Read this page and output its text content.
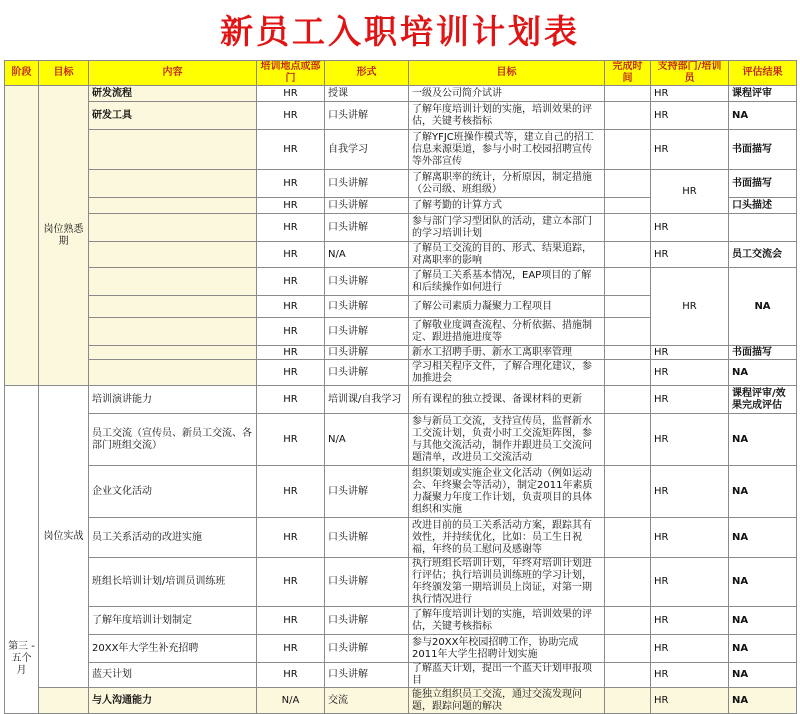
新员工入职培训计划表
阶段	目标	内容	培训地点或部门	形式	目标	完成时间	支持部门/培训员	评估结果
	岗位熟悉期	研发流程	HR	授课	一级及公司简介试讲		HR	课程评审
		研发工具	HR	口头讲解	了解年度培训计划的实施，培训效果的评估，关键考核指标		HR	NA
			HR	自我学习	了解YFJC班操作模式等，建立自己的招工信息来源渠道，参与小时工校园招聘宣传等外部宣传		HR	书面描写
			HR	口头讲解	了解离职率的统计，分析原因，制定措施（公司级、班组级）		HR	书面描写
			HR	口头讲解	了解考勤的计算方式			口头描述
			HR	口头讲解	参与部门学习型团队的活动，建立本部门的学习培训计划		HR	
			HR	N/A	了解员工交流的目的、形式、结果追踪，对离职率的影响		HR	员工交流会
			HR	口头讲解	了解员工关系基本情况，EAP项目的了解和后续操作如何进行		HR	NA
			HR	口头讲解	了解公司素质力凝聚力工程项目			
			HR	口头讲解	了解敬业度调查流程、分析依据、措施制定、跟进措施进度等			
			HR	口头讲解	新水工招聘手册、新水工离职率管理		HR	书面描写
			HR	口头讲解	学习相关程序文件，了解合理化建议，参加推进会		HR	NA
第三 - 五个月	岗位实战	培训演讲能力	HR	培训课/自我学习	所有课程的独立授课、备课材料的更新		HR	课程评审/效果完成评估
		员工交流（宣传员、新员工交流、各部门班组交流）	HR	N/A	参与新员工交流，支持宣传员，监督新水工交流计划，负责小时工交流矩阵图，参与其他交流活动，制作并跟进员工交流问题清单，改进员工交流活动		HR	NA
		企业文化活动	HR	口头讲解	组织策划或实施企业文化活动（例如运动会、年终聚会等活动），制定2011年素质力凝聚力年度工作计划，负责项目的具体组织和实施		HR	NA
		员工关系活动的改进实施	HR	口头讲解	改进目前的员工关系活动方案，跟踪其有效性，并持续优化，比如：员工生日祝福，年终的员工慰问及感谢等		HR	NA
		班组长培训计划/培训员训练班	HR	口头讲解	执行班组长培训计划，年终对培训计划进行评估；执行培训员训练班的学习计划，年终颁发第一期培训员上岗证，对第一期执行情况进行		HR	NA
		了解年度培训计划制定	HR	口头讲解	了解年度培训计划的实施，培训效果的评估，关键考核指标		HR	NA
		20XX年大学生补充招聘	HR	口头讲解	参与20XX年校园招聘工作，协助完成2011年大学生招聘计划实施		HR	NA
		蓝天计划	HR	口头讲解	了解蓝天计划，提出一个蓝天计划申报项目		HR	NA
		与人沟通能力	N/A	交流	能独立组织员工交流，通过交流发现问题，跟踪问题的解决		HR	NA
